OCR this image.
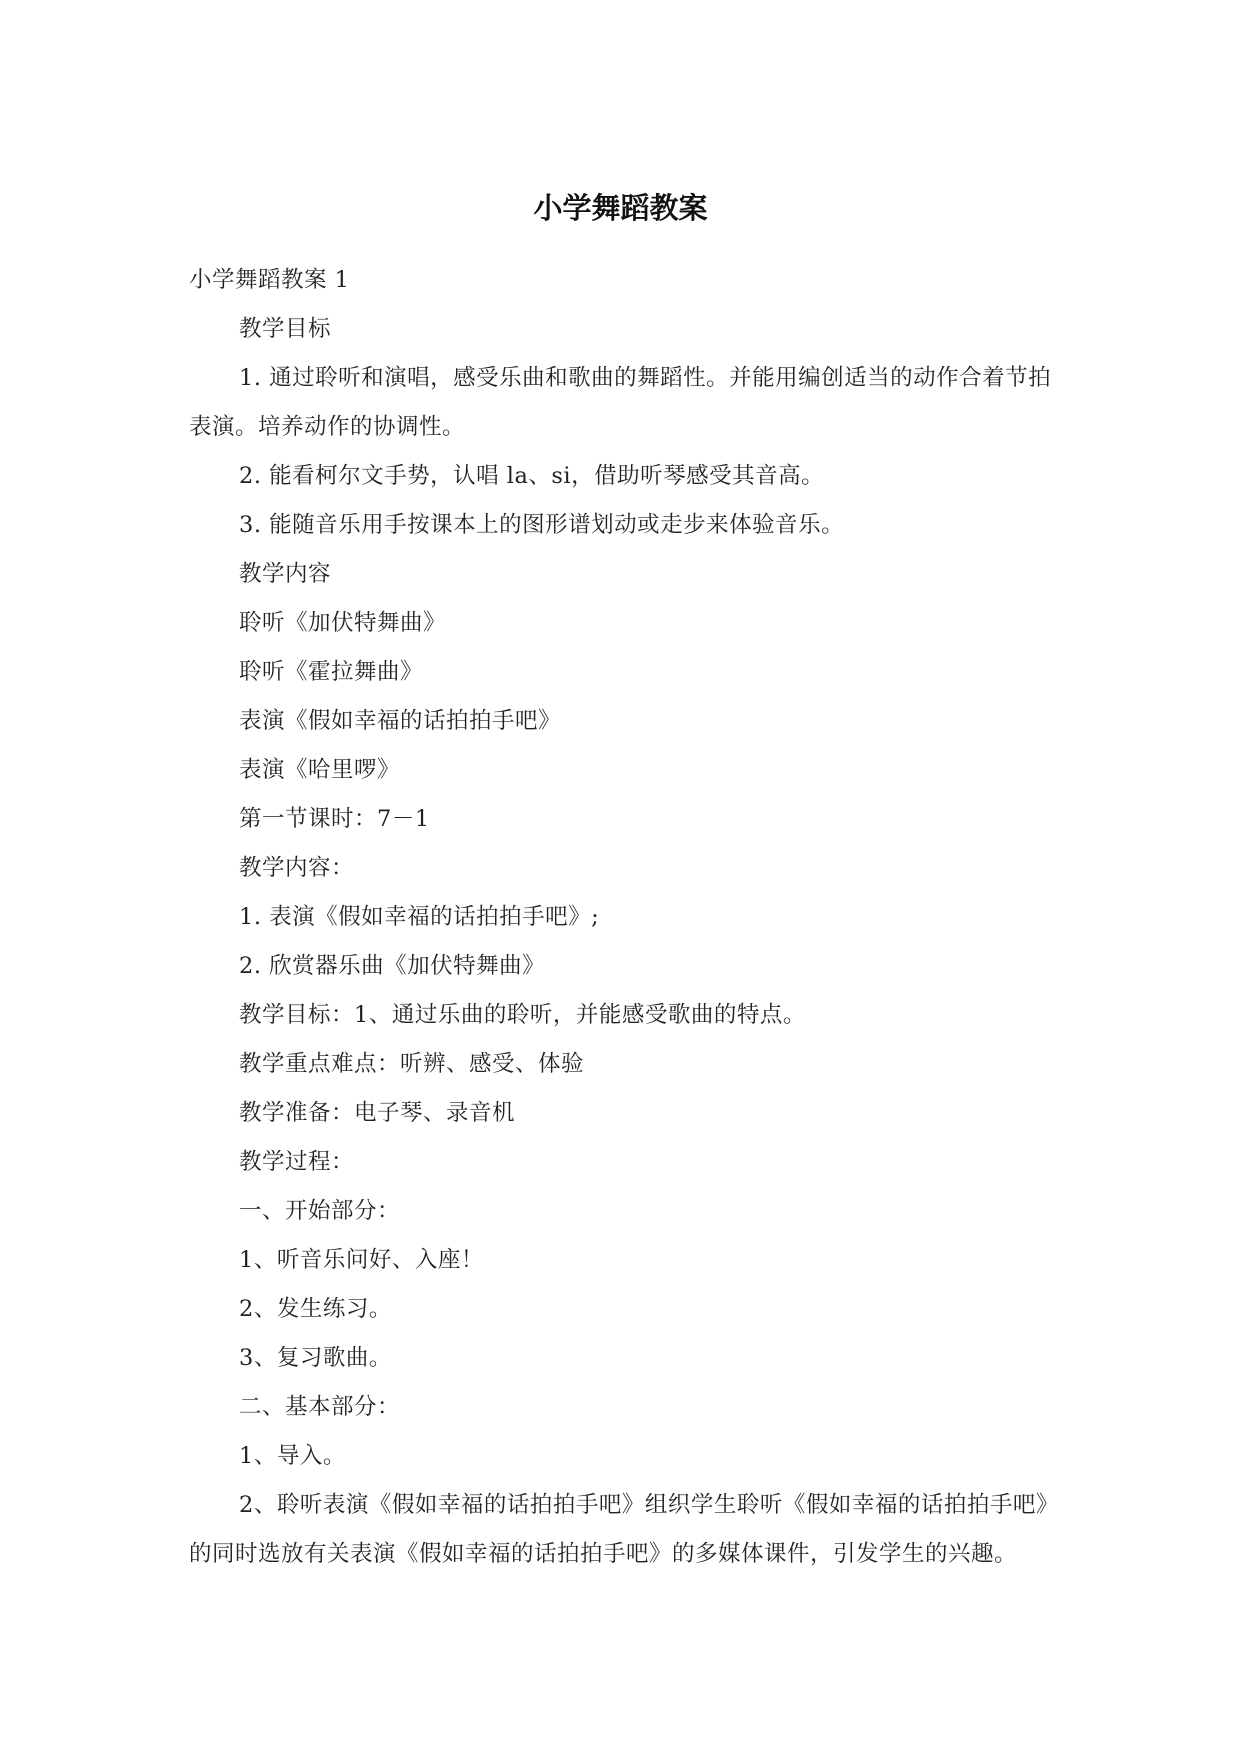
小学舞蹈教案

小学舞蹈教案 1

教学目标

1. 通过聆听和演唱，感受乐曲和歌曲的舞蹈性。并能用编创适当的动作合着节拍表演。培养动作的协调性。

2. 能看柯尔文手势，认唱 la、si，借助听琴感受其音高。

3. 能随音乐用手按课本上的图形谱划动或走步来体验音乐。

教学内容

聆听《加伏特舞曲》

聆听《霍拉舞曲》

表演《假如幸福的话拍拍手吧》

表演《哈里啰》

第一节课时：7－1

教学内容：

1. 表演《假如幸福的话拍拍手吧》;

2. 欣赏器乐曲《加伏特舞曲》

教学目标：1、通过乐曲的聆听，并能感受歌曲的特点。

教学重点难点：听辨、感受、体验

教学准备：电子琴、录音机

教学过程：

一、开始部分：

1、听音乐问好、入座！

2、发生练习。

3、复习歌曲。

二、基本部分：

1、导入。

2、聆听表演《假如幸福的话拍拍手吧》组织学生聆听《假如幸福的话拍拍手吧》的同时选放有关表演《假如幸福的话拍拍手吧》的多媒体课件，引发学生的兴趣。
